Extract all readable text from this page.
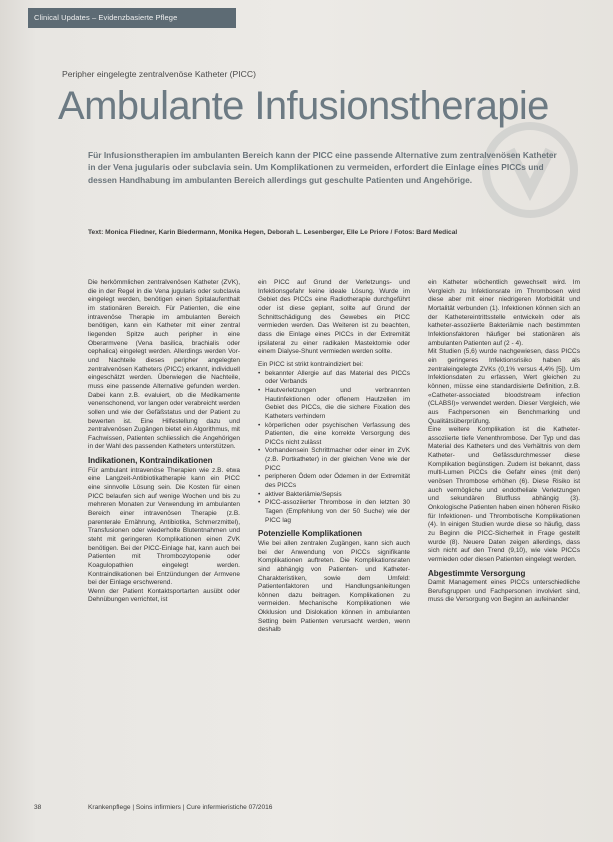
Clinical Updates – Evidenzbasierte Pflege
Peripher eingelegte zentralvenöse Katheter (PICC)
Ambulante Infusionstherapie

Für Infusionstherapien im ambulanten Bereich kann der PICC eine passende Alternative zum zentralvenösen Katheter in der Vena jugularis oder subclavia sein. Um Komplikationen zu vermeiden, erfordert die Einlage eines PICCs und dessen Handhabung im ambulanten Bereich allerdings gut geschulte Patienten und Angehörige.

Text: Monica Fliedner, Karin Biedermann, Monika Hegen, Deborah L. Lesenberger, Elle Le Priore / Fotos: Bard Medical

Die herkömmlichen zentralvenösen Katheter (ZVK), die in der Regel in die Vena jugularis oder subclavia eingelegt werden, benötigen einen Spitalaufenthalt im stationären Bereich. Für Patienten, die eine intravenöse Therapie im ambulanten Bereich benötigen, kann ein Katheter mit einer zentral liegenden Spitze auch peripher in eine Oberarmvene (Vena basilica, brachialis oder cephalica) eingelegt werden. Allerdings werden Vor- und Nachteile dieses peripher angelegten zentralvenösen Katheters (PICC) erkannt, individuell eingeschätzt werden. Überwiegen die Nachteile, muss eine passende Alternative gefunden werden. Dabei kann z.B. evaluiert, ob die Medikamente venenschonend, vor langen oder verabreicht werden sollen und wie der Gefäßstatus und der Patient zu bewerten ist. Eine Hilfestellung dazu und zentralvenösen Zugängen bietet ein Algorithmus, mit Fachwissen, Patienten schliesslich die Angehörigen in der Wahl des passenden Katheters unterstützen.

Indikationen, Kontraindikationen

Für ambulant intravenöse Therapien wie z.B. etwa eine Langzeit-Antibiotikatherapie kann ein PICC eine sinnvolle Lösung sein. Die Kosten für einen PICC belaufen sich auf wenige Wochen und bis zu mehreren Monaten zur Verwendung im ambulanten Bereich einer intravenösen Therapie (z.B. parenterale Ernährung, Antibiotika, Schmerzmittel), Transfusionen oder wiederholte Blutentnahmen und steht mit geringeren Komplikationen einen ZVK benötigen. Bei der PICC-Einlage hat, kann auch bei Patienten mit Thrombozytopenie oder Koagulopathien eingelegt werden. Kontraindikationen bei Entzündungen der Armvene bei der Einlage erschwerend.

Wenn der Patient Kontaktsportarten ausübt oder Dehnübungen verrichtet, ist

ein PICC auf Grund der Verletzungs- und Infektionsgefahr keine ideale Lösung. Wurde im Gebiet des PICCs eine Radiotherapie durchgeführt oder ist diese geplant, sollte auf Grund der Schnittschädigung des Gewebes ein PICC vermieden werden. Das Weiteren ist zu beachten, dass die Einlage eines PICCs in der Extremität ipsilateral zu einer radikalen Mastektomie oder einem Dialyse-Shunt vermieden werden sollte.

Ein PICC ist strikt kontraindiziert bei:

• bekannter Allergie auf das Material des PICCs oder Verbands
• Hautverletzungen und verbrannten Hautinfektionen oder offenem Hautzellen im Gebiet des PICCs, die die sichere Fixation des Katheters verhindern
• körperlichen oder psychischen Verfassung des Patienten, die eine korrekte Versorgung des PICCs nicht zulässt
• Vorhandensein Schrittmacher oder einer im ZVK (z.B. Portkatheter) in der gleichen Vene wie der PICC
• peripheren Ödem oder Ödemen in der Extremität des PICCs
• aktiver Bakteriämie/Sepsis
• PICC-assoziierter Thrombose in den letzten 30 Tagen (Empfehlung von der 50 Suche) wie der PICC lag
Potenzielle Komplikationen

Wie bei allen zentralen Zugängen, kann sich auch bei der Anwendung von PICCs signifikante Komplikationen auftreten. Die Komplikationsraten sind abhängig von Patienten- und Katheter-Charakteristiken, sowie dem Umfeld: Patientenfaktoren und Handlungsanleitungen können dazu beitragen. Komplikationen zu vermeiden. Mechanische Komplikationen wie Okklusion und Dislokation können in ambulanten Setting beim Patienten verursacht werden, wenn deshalb

ein Katheter wöchentlich gewechselt wird. Im Vergleich zu Infektionsrate im Thrombosen wird diese aber mit einer niedrigeren Morbidität und Mortalität verbunden (1). Infektionen können sich an der Kathetereintrittsstelle entwickeln oder als katheter-assoziierte Bakteriämie nach bestimmten Infektionsfaktoren häufiger bei stationären als ambulanten Patienten auf (2 - 4).

Mit Studien (5,6) wurde nachgewiesen, dass PICCs ein geringeres Infektionsrisiko haben als zentraleingelegte ZVKs (0,1% versus 4,4% [5]). Um Infektionsdaten zu erfassen, Wert gleichen zu können, müsse eine standardisierte Definition, z.B. «Catheter-associated bloodstream infection (CLABSI)» verwendet werden. Dieser Vergleich, wie aus Fachpersonen ein Benchmarking und Qualitätsüberprüfung.

Eine weitere Komplikation ist die Katheter-assoziierte tiefe Venenthrombose. Der Typ und das Material des Katheters und des Verhältnis von dem Katheter- und Gefässdurchmesser diese Komplikation begünstigen. Zudem ist bekannt, dass multi-Lumen PICCs die Gefahr eines (mit den) venösen Thrombose erhöhen (6). Diese Risiko ist auch vermögliche und endotheliale Verletzungen und sekundären Blutfluss abhängig (3). Onkologische Patienten haben einen höheren Risiko für Infektionen- und Thrombotische Komplikationen (4). In einigen Studien wurde diese so häufig, dass zu Beginn die PICC-Sicherheit in Frage gestellt wurde (8). Neuere Daten zeigen allerdings, dass sich nicht auf den Trend (9,10), wie viele PICCs vermieden oder diesen Patienten eingelegt werden.

Abgestimmte Versorgung

Damit Management eines PICCs unterschiedliche Berufsgruppen und Fachpersonen involviert sind, muss die Versorgung von Beginn an aufeinander

38	Krankenpflege | Soins infirmiers | Cure infermieristiche 07/2016
